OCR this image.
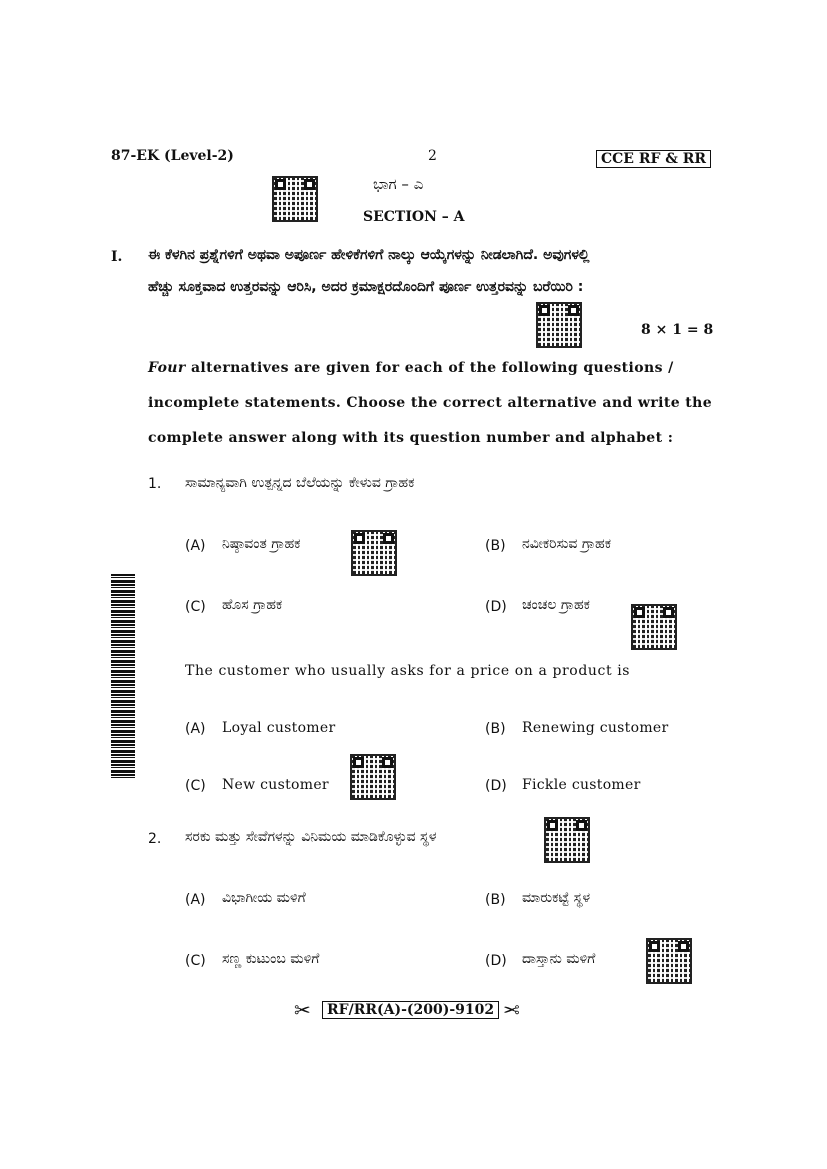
87-EK (Level-2)	2	CCE RF & RR
ಭಾಗ – ಎ
SECTION – A
I. ಈ ಕೆಳಗಿನ ಪ್ರಶ್ನೆಗಳಿಗೆ ಅಥವಾ ಅಪೂರ್ಣ ಹೇಳಿಕೆಗಳಿಗೆ ನಾಲ್ಕು ಆಯ್ಕೆಗಳನ್ನು ನೀಡಲಾಗಿದೆ. ಅವುಗಳಲ್ಲಿ
ಹೆಚ್ಚು ಸೂಕ್ತವಾದ ಉತ್ತರವನ್ನು ಆರಿಸಿ, ಅದರ ಕ್ರಮಾಕ್ಷರದೊಂದಿಗೆ ಪೂರ್ಣ ಉತ್ತರವನ್ನು ಬರೆಯಿರಿ :
8 × 1 = 8
Four alternatives are given for each of the following questions /
incomplete statements. Choose the correct alternative and write the
complete answer along with its question number and alphabet :
1. ಸಾಮಾನ್ಯವಾಗಿ ಉತ್ಪನ್ನದ ಬೆಲೆಯನ್ನು ಕೇಳುವ ಗ್ರಾಹಕ
(A) ನಿಷ್ಠಾವಂತ ಗ್ರಾಹಕ	(B) ನವೀಕರಿಸುವ ಗ್ರಾಹಕ
(C) ಹೊಸ ಗ್ರಾಹಕ	(D) ಚಂಚಲ ಗ್ರಾಹಕ
The customer who usually asks for a price on a product is
(A) Loyal customer	(B) Renewing customer
(C) New customer	(D) Fickle customer
2. ಸರಕು ಮತ್ತು ಸೇವೆಗಳನ್ನು ವಿನಿಮಯ ಮಾಡಿಕೊಳ್ಳುವ ಸ್ಥಳ
(A) ವಿಭಾಗೀಯ ಮಳಿಗೆ	(B) ಮಾರುಕಟ್ಟೆ ಸ್ಥಳ
(C) ಸಣ್ಣ ಕುಟುಂಬ ಮಳಿಗೆ	(D) ದಾಸ್ತಾನು ಮಳಿಗೆ
✂	RF/RR(A)-(200)-9102 ✂
